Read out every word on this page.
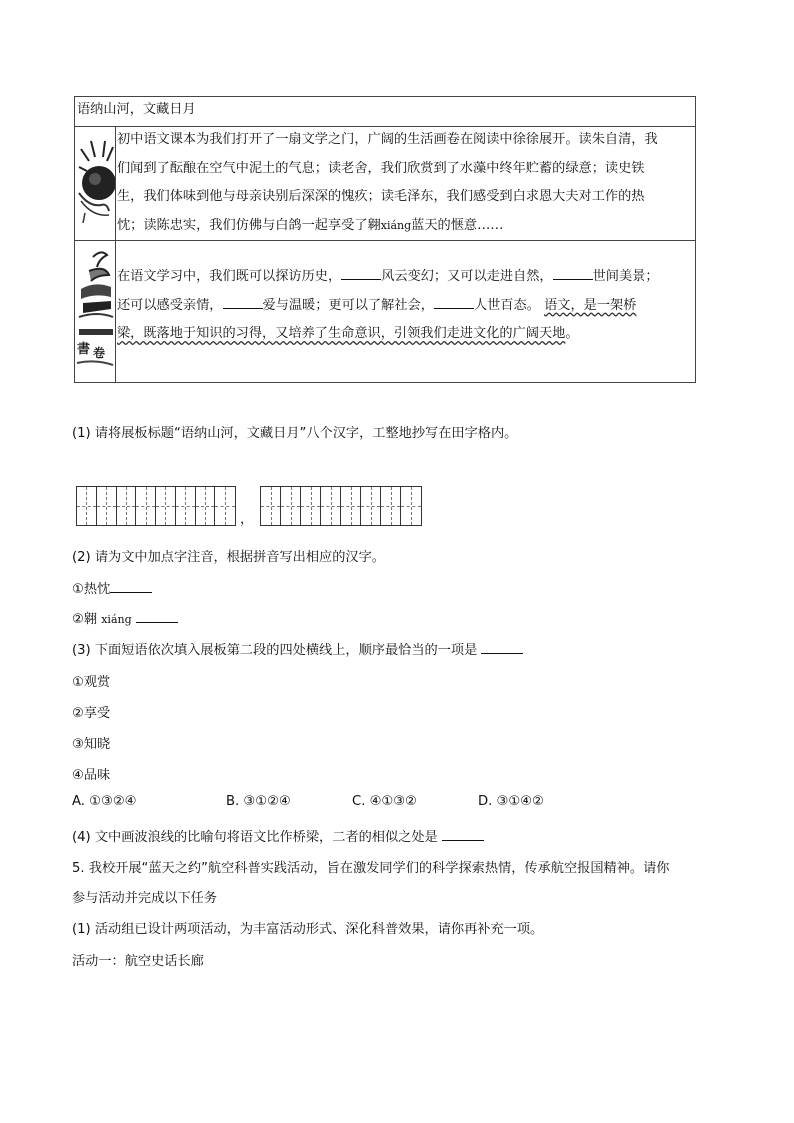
语纳山河，文藏日月
初中语文课本为我们打开了一扇文学之门，广阔的生活画卷在阅读中徐徐展开。读朱自清，我
们闻到了酝酿在空气中泥土的气息；读老舍，我们欣赏到了水藻中终年贮蓄的绿意；读史铁
生，我们体味到他与母亲诀别后深深的愧疚；读毛泽东，我们感受到白求恩大夫对工作的热
忱；读陈忠实，我们仿佛与白鸽一起享受了翱xiáng蓝天的惬意……
書 卷
在语文学习中，我们既可以探访历史，	风云变幻；又可以走进自然，	世间美景；
还可以感受亲情，	爱与温暖；更可以了解社会，	人世百态。 语文，是一架桥
梁，既落地于知识的习得，又培养了生命意识，引领我们走进文化的广阔天地。
(1) 请将展板标题“语纳山河，文藏日月”八个汉字，工整地抄写在田字格内。
，
(2) 请为文中加点字注音，根据拼音写出相应的汉字。
①热忱
②翱 xiáng
(3) 下面短语依次填入展板第二段的四处横线上，顺序最恰当的一项是
①观赏
②享受
③知晓
④品味
A. ①③②④	B. ③①②④	C. ④①③②	D. ③①④②
(4) 文中画波浪线的比喻句将语文比作桥梁，二者的相似之处是
5. 我校开展“蓝天之约”航空科普实践活动，旨在激发同学们的科学探索热情，传承航空报国精神。请你
参与活动并完成以下任务
(1) 活动组已设计两项活动，为丰富活动形式、深化科普效果，请你再补充一项。
活动一：航空史话长廊
